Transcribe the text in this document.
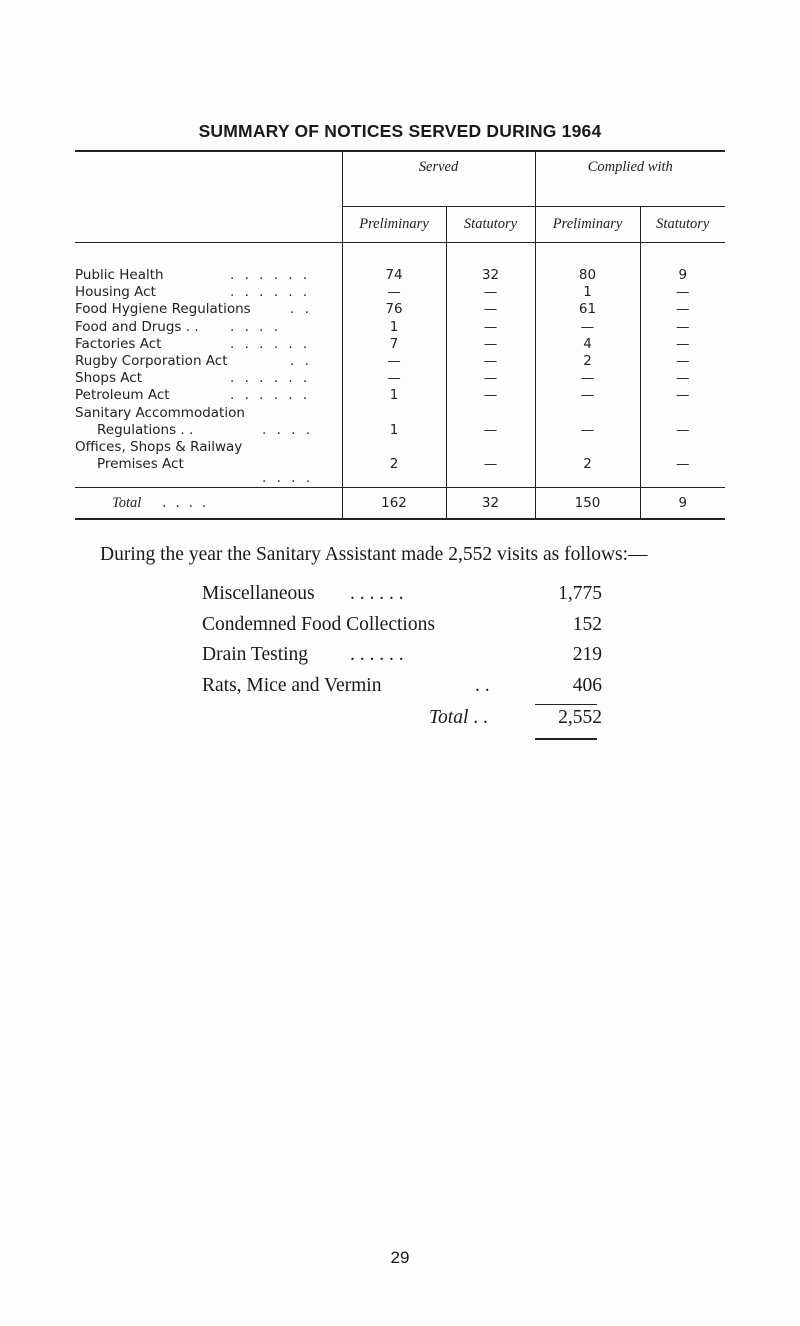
SUMMARY OF NOTICES SERVED DURING 1964
	Served		Complied with	
	Preliminary	Statutory	Preliminary	Statutory
Public Health . . . . . .	74	32	80	9
Housing Act . . . . . .	—	—	1	—
Food Hygiene Regulations . .	76	—	61	—
Food and Drugs . . . . . .	1	—	—	—
Factories Act . . . . . .	7	—	4	—
Rugby Corporation Act . .	—	—	2	—
Shops Act . . . . . .	—	—	—	—
Petroleum Act . . . . . .	1	—	—	—

Sanitary Accommodation
Regulations . . . . . .	1	—	—	—

Offices, Shops & Railway
Premises Act
. . . .	2	—	2	—
Total . . . .	162	32	150	9
During the year the Sanitary Assistant made 2,552 visits as follows:—
Miscellaneous . . . . . .	1,775
Condemned Food Collections	152
Drain Testing . . . . . .	219
Rats, Mice and Vermin	. .	406
Total . .	2,552
29
